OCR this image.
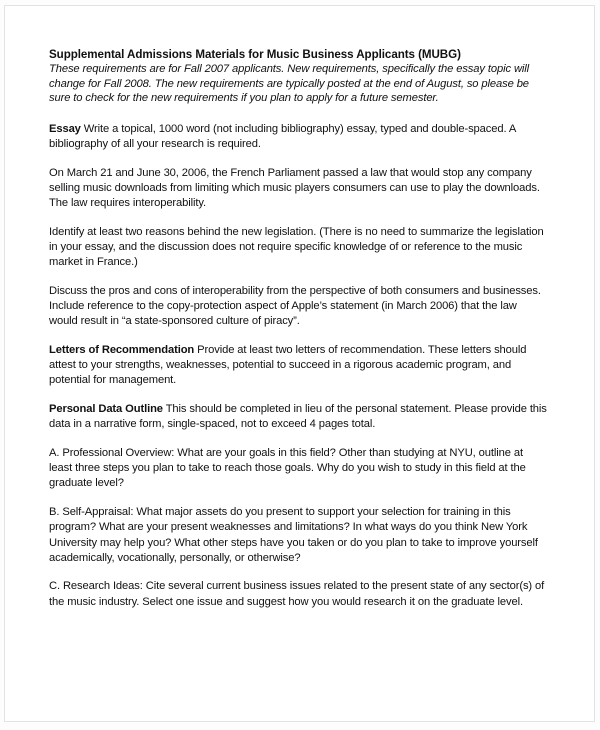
Supplemental Admissions Materials for Music Business Applicants (MUBG)
These requirements are for Fall 2007 applicants. New requirements, specifically the essay topic will change for Fall 2008. The new requirements are typically posted at the end of August, so please be sure to check for the new requirements if you plan to apply for a future semester.

Essay Write a topical, 1000 word (not including bibliography) essay, typed and double-spaced. A bibliography of all your research is required.

On March 21 and June 30, 2006, the French Parliament passed a law that would stop any company selling music downloads from limiting which music players consumers can use to play the downloads. The law requires interoperability.

Identify at least two reasons behind the new legislation. (There is no need to summarize the legislation in your essay, and the discussion does not require specific knowledge of or reference to the music market in France.)

Discuss the pros and cons of interoperability from the perspective of both consumers and businesses. Include reference to the copy-protection aspect of Apple’s statement (in March 2006) that the law would result in “a state-sponsored culture of piracy”.

Letters of Recommendation Provide at least two letters of recommendation. These letters should attest to your strengths, weaknesses, potential to succeed in a rigorous academic program, and potential for management.

Personal Data Outline This should be completed in lieu of the personal statement. Please provide this data in a narrative form, single-spaced, not to exceed 4 pages total.

A. Professional Overview: What are your goals in this field? Other than studying at NYU, outline at least three steps you plan to take to reach those goals. Why do you wish to study in this field at the graduate level?

B. Self-Appraisal: What major assets do you present to support your selection for training in this program? What are your present weaknesses and limitations? In what ways do you think New York University may help you? What other steps have you taken or do you plan to take to improve yourself academically, vocationally, personally, or otherwise?

C. Research Ideas: Cite several current business issues related to the present state of any sector(s) of the music industry. Select one issue and suggest how you would research it on the graduate level.
